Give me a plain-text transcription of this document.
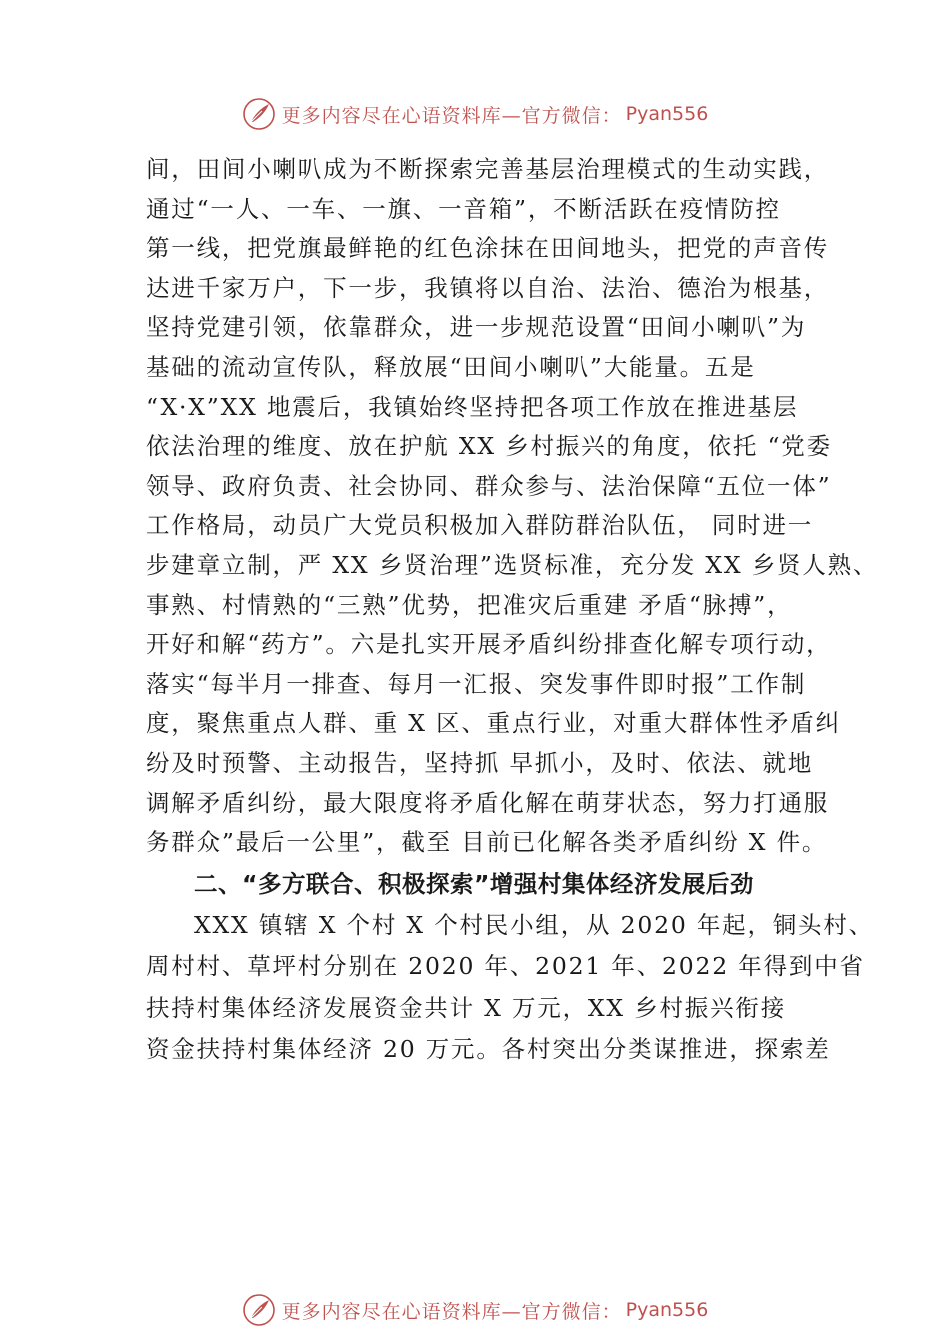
更多内容尽在心语资料库—官方微信： Pyan556
间，田间小喇叭成为不断探索完善基层治理模式的生动实践，
通过“一人、一车、一旗、一音箱”，不断活跃在疫情防控
第一线，把党旗最鲜艳的红色涂抹在田间地头，把党的声音传
达进千家万户，下一步，我镇将以自治、法治、德治为根基，
坚持党建引领，依靠群众，进一步规范设置“田间小喇叭”为
基础的流动宣传队，释放展“田间小喇叭”大能量。五是
“X·X”XX 地震后，我镇始终坚持把各项工作放在推进基层
依法治理的维度、放在护航 XX 乡村振兴的角度，依托 “党委
领导、政府负责、社会协同、群众参与、法治保障“五位一体”
工作格局，动员广大党员积极加入群防群治队伍， 同时进一
步建章立制，严 XX 乡贤治理”选贤标准，充分发 XX 乡贤人熟、
事熟、村情熟的“三熟”优势，把准灾后重建 矛盾“脉搏”，
开好和解“药方”。六是扎实开展矛盾纠纷排查化解专项行动，
落实“每半月一排查、每月一汇报、突发事件即时报”工作制
度，聚焦重点人群、重 X 区、重点行业，对重大群体性矛盾纠
纷及时预警、主动报告，坚持抓 早抓小，及时、依法、就地
调解矛盾纠纷，最大限度将矛盾化解在萌芽状态，努力打通服
务群众”最后一公里”，截至 目前已化解各类矛盾纠纷 X 件。
二、“多方联合、积极探索”增强村集体经济发展后劲
XXX 镇辖 X 个村 X 个村民小组，从 2020 年起，铜头村、
周村村、草坪村分别在 2020 年、2021 年、2022 年得到中省
扶持村集体经济发展资金共计 X 万元，XX 乡村振兴衔接
资金扶持村集体经济 20 万元。各村突出分类谋推进，探索差
更多内容尽在心语资料库—官方微信： Pyan556
